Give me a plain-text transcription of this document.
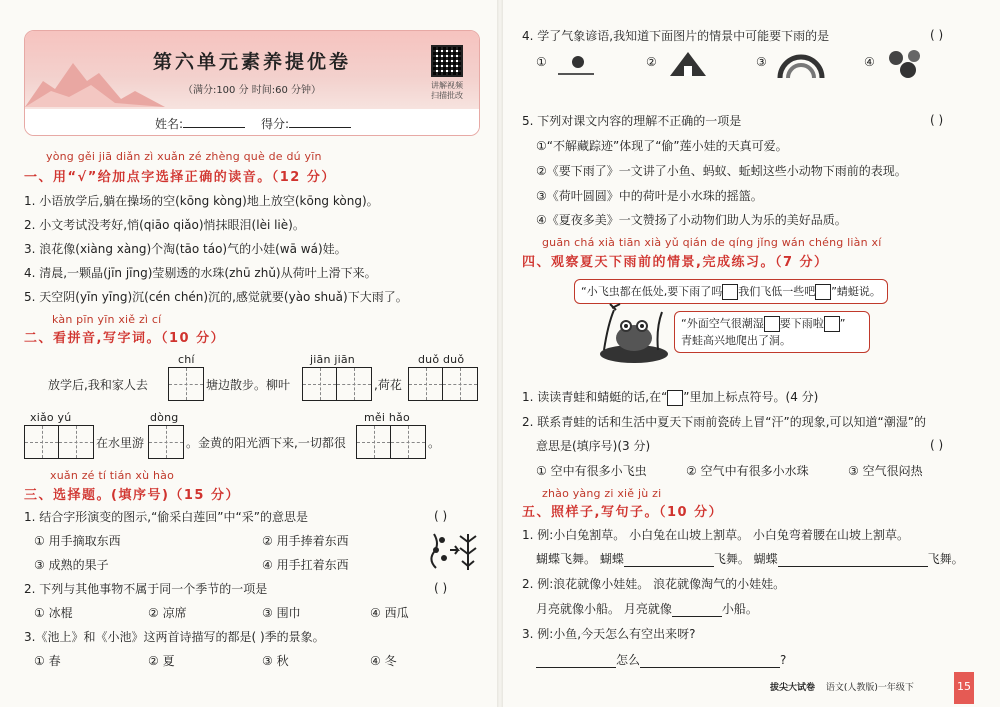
第六单元素养提优卷
（满分:100 分 时间:60 分钟）	讲解视频
扫描批改
姓名:	得分:
yòng gěi jiā diǎn zì xuǎn zé zhèng què de dú yīn
一、用“√”给加点字选择正确的读音。（12 分）
1. 小语放学后,躺在操场的空(kōng kòng)地上放空(kōng kòng)。
2. 小文考试没考好,悄(qiāo qiǎo)悄抹眼泪(lèi liè)。
3. 浪花像(xiàng xàng)个淘(tāo táo)气的小娃(wā wá)娃。
4. 清晨,一颗晶(jīn jīng)莹剔透的水珠(zhū zhǔ)从荷叶上滑下来。
5. 天空阴(yīn yīng)沉(cén chén)沉的,感觉就要(yào shuǎ)下大雨了。
kàn pīn yīn xiě zì cí
二、看拼音,写字词。（10 分）
chí	jiān jiān	duǒ duǒ
放学后,我和家人去	塘边散步。柳叶	,荷花
xiǎo yú	dòng	měi hǎo
在水里游	。金黄的阳光洒下来,一切都很	。
xuǎn zé tí tián xù hào
三、选择题。(填序号)（15 分）
1. 结合字形演变的图示,“偷采白莲回”中“采”的意思是	( )
① 用手摘取东西	② 用手捧着东西
③ 成熟的果子	④ 用手扛着东西
2. 下列与其他事物不属于同一个季节的一项是	( )
① 冰棍	② 凉席	③ 围巾	④ 西瓜
3.《池上》和《小池》这两首诗描写的都是( )季的景象。
① 春	② 夏	③ 秋	④ 冬
4. 学了气象谚语,我知道下面图片的情景中可能要下雨的是	( )
①	②	③	④
5. 下列对课文内容的理解不正确的一项是	( )
①“不解藏踪迹”体现了“偷”莲小娃的天真可爱。
②《要下雨了》一文讲了小鱼、蚂蚁、蚯蚓这些小动物下雨前的表现。
③《荷叶圆圆》中的荷叶是小水珠的摇篮。
④《夏夜多美》一文赞扬了小动物们助人为乐的美好品质。
guān chá xià tiān xià yǔ qián de qíng jǐng wán chéng liàn xí
四、观察夏天下雨前的情景,完成练习。（7 分）
“小飞虫都在低处,要下雨了吗 我们飞低一些吧 ”蜻蜓说。
“外面空气很潮湿 要下雨啦 ”
青蛙高兴地爬出了洞。
1. 读读青蛙和蜻蜓的话,在“ ”里加上标点符号。(4 分)
2. 联系青蛙的话和生活中夏天下雨前瓷砖上冒“汗”的现象,可以知道“潮湿”的
意思是(填序号)(3 分)	( )
① 空中有很多小飞虫	② 空气中有很多小水珠	③ 空气很闷热
zhào yàng zi xiě jù zi
五、照样子,写句子。（10 分）
1. 例:小白兔割草。 小白兔在山坡上割草。 小白兔弯着腰在山坡上割草。
蝴蝶飞舞。 蝴蝶	飞舞。 蝴蝶	飞舞。
2. 例:浪花就像小娃娃。 浪花就像淘气的小娃娃。
月亮就像小船。 月亮就像	小船。
3. 例:小鱼,今天怎么有空出来呀?
怎么	?
拔尖大试卷 语文(人教版)一年级下	15
